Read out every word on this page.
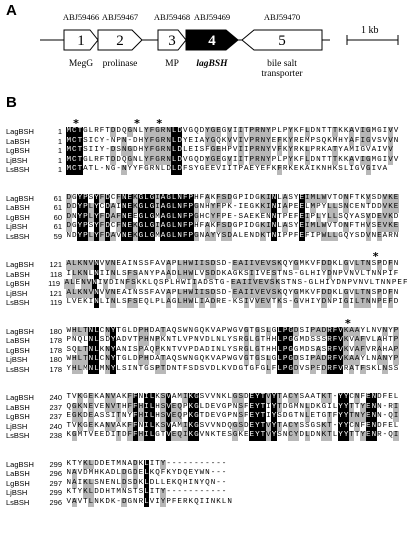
A
1
ABJ59466
MegG
2
ABJ59467
prolinase
3
ABJ59468
MP
4
ABJ59469
lagBSH
5
ABJ59470
bile salt
transporter
1 kb
B
*	* *
LagBSH	1 MCTGLRFTDDQGNLYFGRNLDVGQDYGEGVIITPRNYPLPYKFLDNTTTKKAVIGMGIVV
LaBSH	1 MCTSICY-NPN-DHYFGRNLDYEIAYGQKVVIVPRNYEFKYREMPSQKMHYAFIGVSVVN
LgBSH	1 MCTSIIY-DSNGDHYFGRNLDLEISFGEHPVIIPRNYVFKYRKLPRKATYAMIGVAIVV
LjBSH	1 MCTGLRFTDDQGNLYFGRNLDVGQDYGEGVIITPRNYPLPYKFLDNTTTKKAVIGMGIVV
LsBSH	1 MCTATL-NG-NYYFGRNLDLDFSYGEEVIITPAEYEFKFRKEKAIKNHKSLIGVGIVA
LagBSH	61 DGYPSYFDCFNEKGLGIAGLNFPHFAKFSDGPIDGKINLASYEIMLWVTONFTKVSDVKE
LaBSH	61 DDYPLYCDAINEKGLGIAGLNFPGNHYFPK-IEGKKINIAPEELMPYLLSNCENTDDVKE
LgBSH	60 DNYPLYFDAFNEEGLGMAGLNFPGHCYFPE-SAEKENNTPEFEIPLYLLSQYASVDEVKD
LjBSH	61 DGYPSYFDCFNEKGLGIAGLNFPHFAKFSDGPIDGKINLASYEIMLWVTONFTHVSEVKE
LsBSH	59 NDYPLYFDAVNEKGLGMAGLNFPGNAYYSDALENDKTNIPPFEFIPWLLGQYSDVNEARN
*
LagBSH	121 ALKNVNVVNEAINSSFAVAPLHWIISDSD-EAIIVEVSKQYGMKVFDDKLGVLTNSPDFN
LaBSH	118 ILKNLNIINLSFSANYPAADLHWLVSDDKAGKSIIVESTNS-GLHIYDNPVNVLTNNPIF
LgBSH	119 ALENVNIVDINFSKKLQSPLHWIIADSTG-EAIIVEVSKSTNS-GLHIYDNPVNVLTNNPEF
LjBSH	121 ALKNVNVVNEAINSSFAVAPLHWIISDSD-EAIIVEVSKQYGMKVFDDKLGVLTNSPDFN
LsBSH	119 LVEKINLINLSFSEQLPLAGLHWLIADRE-KSIVVEVTKS-GVHIYDNPIGILTNNPEFD
*
LagBSH	180 WHLTNLCNYTGLDPHDATAQSWNGQKVAPWGVGTGSLGLPGDSIPADRFVKAAYLNVNYP
LaBSH	178 PNQLNLSDYADVTPHNPKNTLVPNVDLNLYSRGLGTHHLPGGMDSSSRFVKVAFVLAHTP
LgBSH	178 SQLTNLKNYANISPAQPKNTVVPDADINLYSRGLGTHHLPGGMDSASRFVKVAFVRAHAP
LjBSH	180 WHLTNLCNYTGLDPHDATAQSWNGQKVAPWGVGTGSLGLPGDSIPADRFVKAAYLNANYP
LsBSH	178 YHLMNLMNYLSINTGSPTDNTFSDSVDLKVDGTGFGLFLPGDVSPEDRFVRATFSKLNSS
LagBSH	240 TVKGEKANVAKFFNILKSVAMIKGSVVNKLGSDEYTVYTACYSAATKT-YYCNFENDFEL
LaBSH	237 QGKNEVENVTHFFHILHSVEQPKGLDEVGPNSFEYTIYTDGMNLDKGILYYTTYENN-RI
LgBSH	237 EGKDEASSITNYFHILHSVEQPKGTDEVGPNSFEYTIYSDGTNLETGTFYYTNYENN-QI
LjBSH	240 TVKGEKANVAKFFNILKSVAMIKGSVVNDQGSDEYTVYTACYSSGSKT-YYCNFENDFEL
LsBSH	238 KGMTVEEDITDFFHILGTVEQIKGVNKTESGKEEYTVYSNCYDLDNKTLYYTTYENR-QI
LagBSH	299 KTYKLDDETMNADKLITY-----------
LaBSH	296 NAVDMHKADLDGDELKQFKYDQEYWN---
LgBSH	297 NAIKLSNENLDSDKLDLLEKQHINYQN--
LjBSH	299 KTYKLDDHTMNSTSLITY-----------
LsBSH	296 VAVTLNKDK-DGNRLVIYPFERKQIINKLN
